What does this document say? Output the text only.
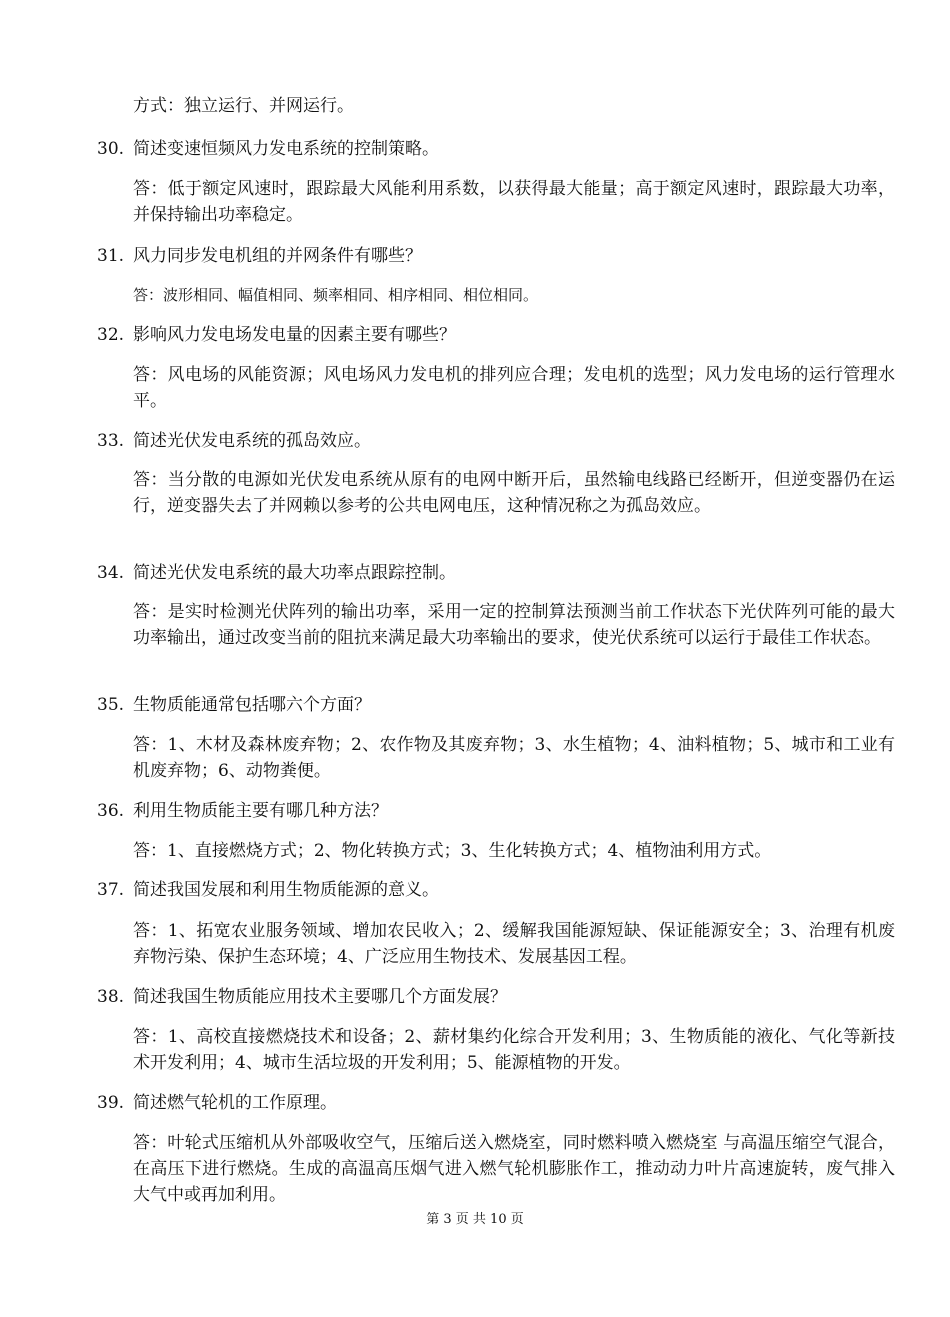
方式：独立运行、并网运行。
30. 简述变速恒频风力发电系统的控制策略。
答：低于额定风速时，跟踪最大风能利用系数，以获得最大能量；高于额定风速时，跟踪最大功率，并保持输出功率稳定。
31. 风力同步发电机组的并网条件有哪些？
答：波形相同、幅值相同、频率相同、相序相同、相位相同。
32. 影响风力发电场发电量的因素主要有哪些？
答：风电场的风能资源；风电场风力发电机的排列应合理；发电机的选型；风力发电场的运行管理水平。
33. 简述光伏发电系统的孤岛效应。
答：当分散的电源如光伏发电系统从原有的电网中断开后，虽然输电线路已经断开，但逆变器仍在运行，逆变器失去了并网赖以参考的公共电网电压，这种情况称之为孤岛效应。
34. 简述光伏发电系统的最大功率点跟踪控制。
答：是实时检测光伏阵列的输出功率，采用一定的控制算法预测当前工作状态下光伏阵列可能的最大功率输出，通过改变当前的阻抗来满足最大功率输出的要求，使光伏系统可以运行于最佳工作状态。
35. 生物质能通常包括哪六个方面？
答：1、木材及森林废弃物；2、农作物及其废弃物；3、水生植物；4、油料植物；5、城市和工业有机废弃物；6、动物粪便。
36. 利用生物质能主要有哪几种方法？
答：1、直接燃烧方式；2、物化转换方式；3、生化转换方式；4、植物油利用方式。
37. 简述我国发展和利用生物质能源的意义。
答：1、拓宽农业服务领域、增加农民收入；2、缓解我国能源短缺、保证能源安全；3、治理有机废弃物污染、保护生态环境；4、广泛应用生物技术、发展基因工程。
38. 简述我国生物质能应用技术主要哪几个方面发展？
答：1、高校直接燃烧技术和设备；2、薪材集约化综合开发利用；3、生物质能的液化、气化等新技术开发利用；4、城市生活垃圾的开发利用；5、能源植物的开发。
39. 简述燃气轮机的工作原理。
答：叶轮式压缩机从外部吸收空气，压缩后送入燃烧室，同时燃料喷入燃烧室 与高温压缩空气混合，在高压下进行燃烧。生成的高温高压烟气进入燃气轮机膨胀作工，推动动力叶片高速旋转，废气排入大气中或再加利用。
第 3 页 共 10 页
